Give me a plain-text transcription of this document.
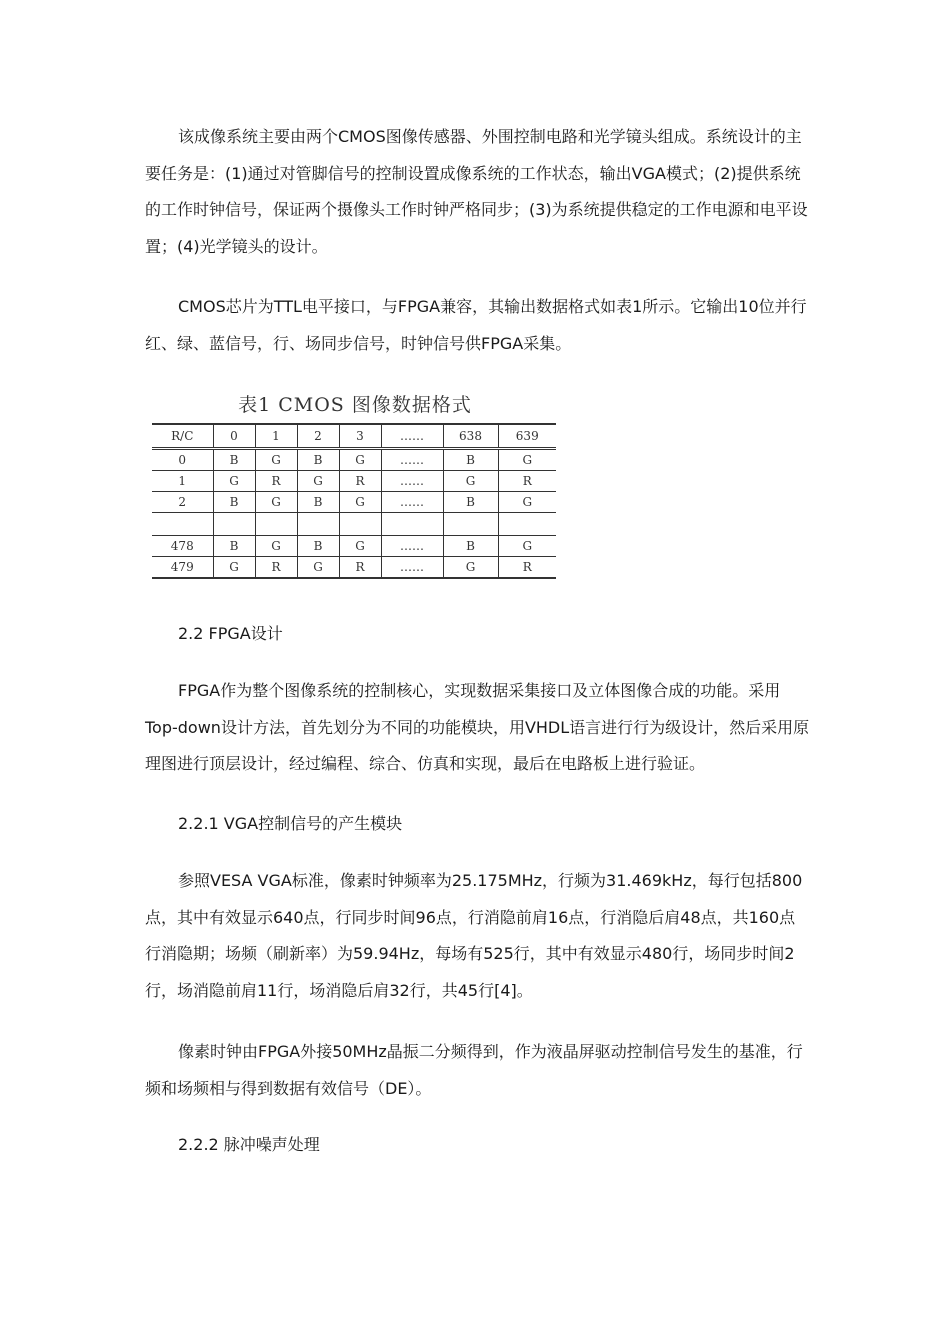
该成像系统主要由两个CMOS图像传感器、外围控制电路和光学镜头组成。系统设计的主要任务是：(1)通过对管脚信号的控制设置成像系统的工作状态，输出VGA模式；(2)提供系统的工作时钟信号，保证两个摄像头工作时钟严格同步；(3)为系统提供稳定的工作电源和电平设置；(4)光学镜头的设计。

CMOS芯片为TTL电平接口，与FPGA兼容，其输出数据格式如表1所示。它输出10位并行红、绿、蓝信号，行、场同步信号，时钟信号供FPGA采集。

表1 CMOS 图像数据格式
R/C	0	1	2	3	……	638	639
0	B	G	B	G	……	B	G
1	G	R	G	R	……	G	R
2	B	G	B	G	……	B	G

478	B	G	B	G	……	B	G
479	G	R	G	R	……	G	R
2.2 FPGA设计

FPGA作为整个图像系统的控制核心，实现数据采集接口及立体图像合成的功能。采用Top-down设计方法，首先划分为不同的功能模块，用VHDL语言进行行为级设计，然后采用原理图进行顶层设计，经过编程、综合、仿真和实现，最后在电路板上进行验证。

2.2.1 VGA控制信号的产生模块

参照VESA VGA标准，像素时钟频率为25.175MHz，行频为31.469kHz，每行包括800点，其中有效显示640点，行同步时间96点，行消隐前肩16点，行消隐后肩48点，共160点行消隐期；场频（刷新率）为59.94Hz，每场有525行，其中有效显示480行，场同步时间2行，场消隐前肩11行，场消隐后肩32行，共45行[4]。

像素时钟由FPGA外接50MHz晶振二分频得到，作为液晶屏驱动控制信号发生的基准，行频和场频相与得到数据有效信号（DE）。

2.2.2 脉冲噪声处理
